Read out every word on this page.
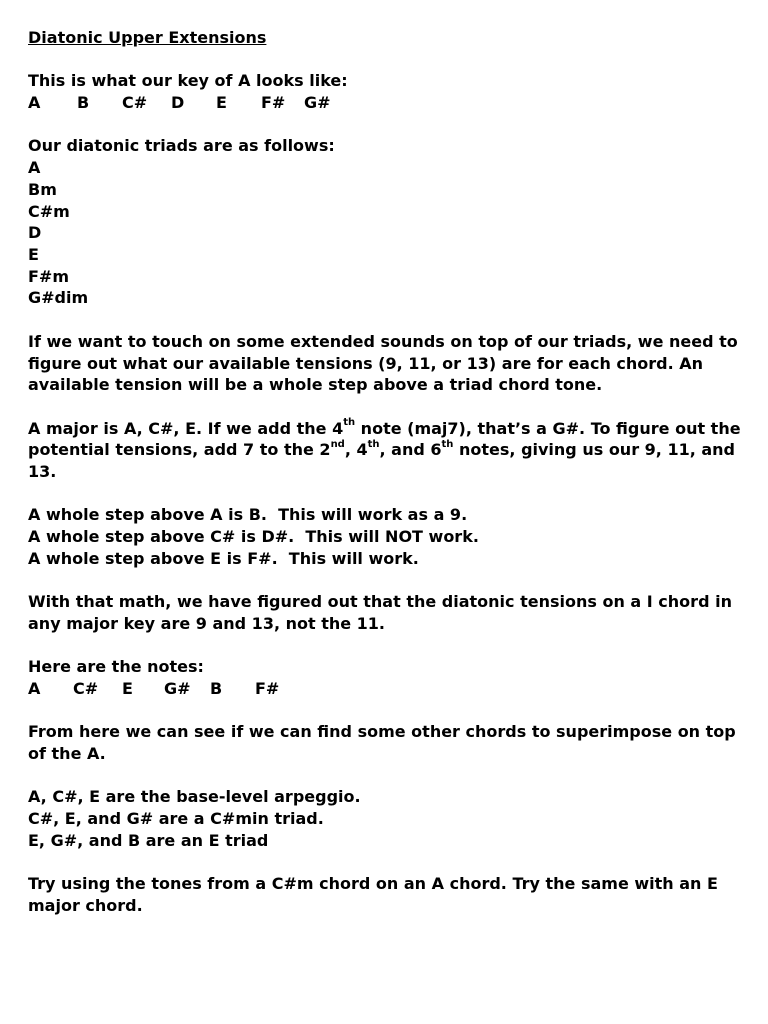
Diatonic Upper Extensions
This is what our key of A looks like:
A	B	C#	D	E	F#	G#
Our diatonic triads are as follows:
A
Bm
C#m
D
E
F#m
G#dim
If we want to touch on some extended sounds on top of our triads, we need to figure out what our available tensions (9, 11, or 13) are for each chord. An available tension will be a whole step above a triad chord tone.
A major is A, C#, E. If we add the 4th note (maj7), that’s a G#. To figure out the potential tensions, add 7 to the 2nd, 4th, and 6th notes, giving us our 9, 11, and 13.
A whole step above A is B.  This will work as a 9.
A whole step above C# is D#.  This will NOT work.
A whole step above E is F#.  This will work.
With that math, we have figured out that the diatonic tensions on a I chord in any major key are 9 and 13, not the 11.
Here are the notes:
A	C#	E	G#	B	F#
From here we can see if we can find some other chords to superimpose on top of the A.
A, C#, E are the base-level arpeggio.
C#, E, and G# are a C#min triad.
E, G#, and B are an E triad
Try using the tones from a C#m chord on an A chord. Try the same with an E major chord.
